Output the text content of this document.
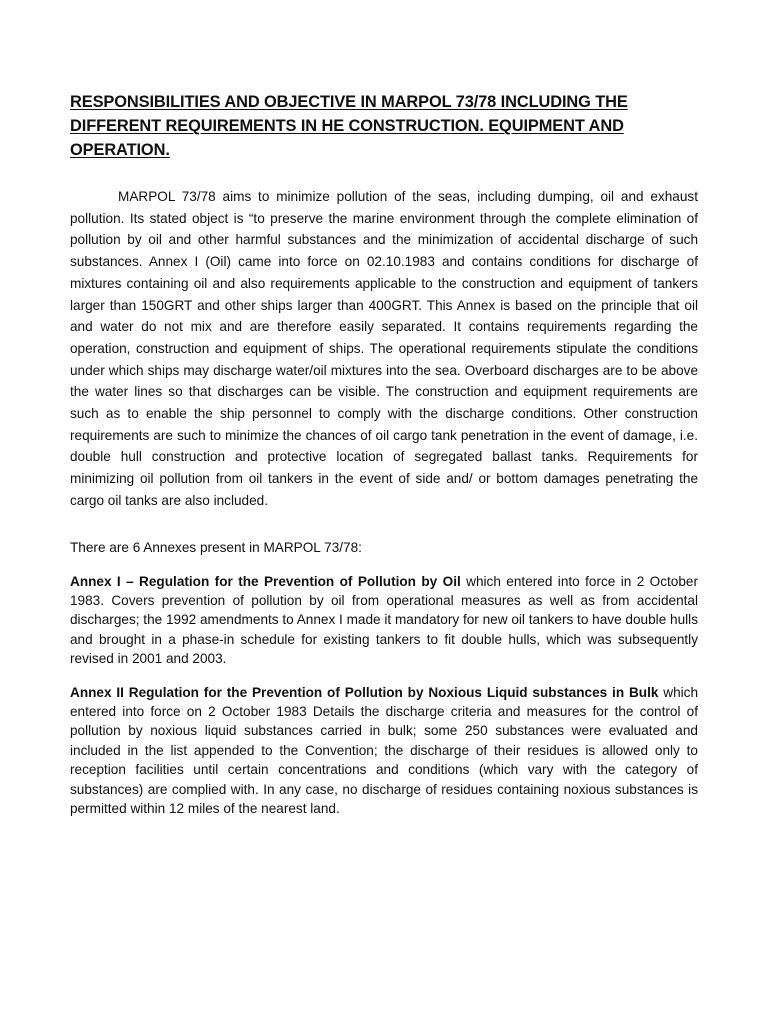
RESPONSIBILITIES AND OBJECTIVE IN MARPOL 73/78 INCLUDING THE DIFFERENT REQUIREMENTS IN HE CONSTRUCTION. EQUIPMENT AND OPERATION.

MARPOL 73/78 aims to minimize pollution of the seas, including dumping, oil and exhaust pollution. Its stated object is “to preserve the marine environment through the complete elimination of pollution by oil and other harmful substances and the minimization of accidental discharge of such substances. Annex I (Oil) came into force on 02.10.1983 and contains conditions for discharge of mixtures containing oil and also requirements applicable to the construction and equipment of tankers larger than 150GRT and other ships larger than 400GRT. This Annex is based on the principle that oil and water do not mix and are therefore easily separated. It contains requirements regarding the operation, construction and equipment of ships. The operational requirements stipulate the conditions under which ships may discharge water/oil mixtures into the sea. Overboard discharges are to be above the water lines so that discharges can be visible. The construction and equipment requirements are such as to enable the ship personnel to comply with the discharge conditions. Other construction requirements are such to minimize the chances of oil cargo tank penetration in the event of damage, i.e. double hull construction and protective location of segregated ballast tanks. Requirements for minimizing oil pollution from oil tankers in the event of side and/ or bottom damages penetrating the cargo oil tanks are also included.

There are 6 Annexes present in MARPOL 73/78:

Annex I – Regulation for the Prevention of Pollution by Oil which entered into force in 2 October 1983. Covers prevention of pollution by oil from operational measures as well as from accidental discharges; the 1992 amendments to Annex I made it mandatory for new oil tankers to have double hulls and brought in a phase-in schedule for existing tankers to fit double hulls, which was subsequently revised in 2001 and 2003.

Annex II Regulation for the Prevention of Pollution by Noxious Liquid substances in Bulk which entered into force on 2 October 1983 Details the discharge criteria and measures for the control of pollution by noxious liquid substances carried in bulk; some 250 substances were evaluated and included in the list appended to the Convention; the discharge of their residues is allowed only to reception facilities until certain concentrations and conditions (which vary with the category of substances) are complied with. In any case, no discharge of residues containing noxious substances is permitted within 12 miles of the nearest land.
